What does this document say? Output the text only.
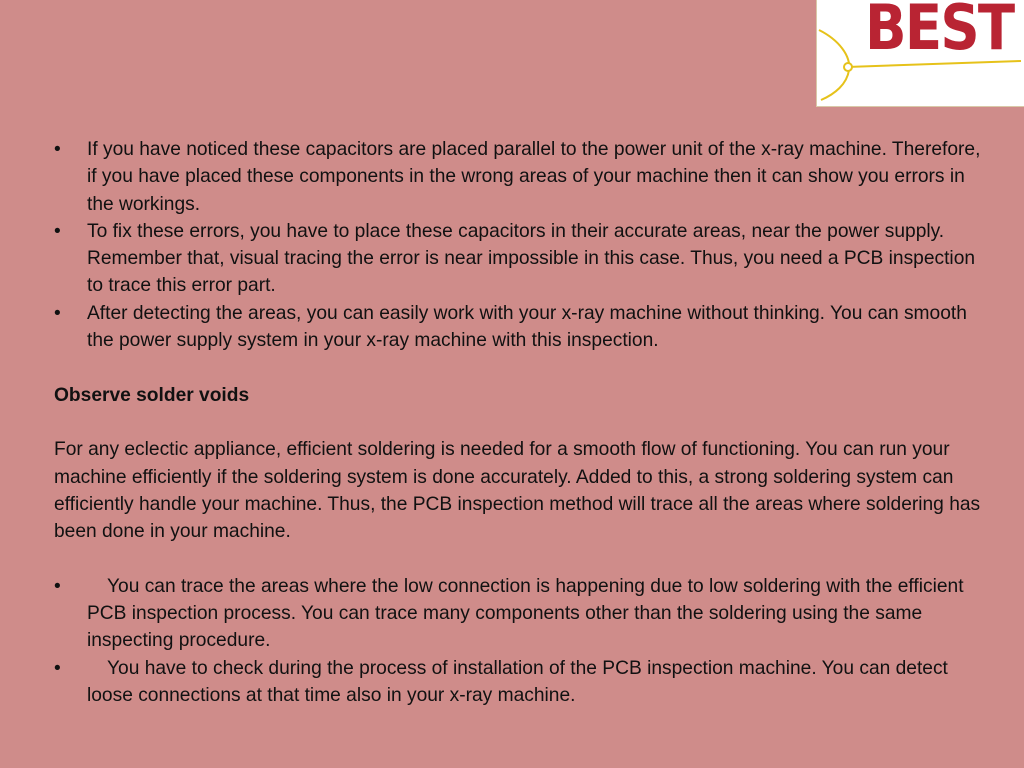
BEST
• If you have noticed these capacitors are placed parallel to the power unit of the x-ray machine. Therefore, if you have placed these components in the wrong areas of your machine then it can show you errors in the workings.
• To fix these errors, you have to place these capacitors in their accurate areas, near the power supply. Remember that, visual tracing the error is near impossible in this case. Thus, you need a PCB inspection to trace this error part.
• After detecting the areas, you can easily work with your x-ray machine without thinking. You can smooth the power supply system in your x-ray machine with this inspection.

Observe solder voids

For any eclectic appliance, efficient soldering is needed for a smooth flow of functioning. You can run your machine efficiently if the soldering system is done accurately. Added to this, a strong soldering system can efficiently handle your machine. Thus, the PCB inspection method will trace all the areas where soldering has been done in your machine.

•	You can trace the areas where the low connection is happening due to low soldering with the efficient PCB inspection process. You can trace many components other than the soldering using the same inspecting procedure.
•	You have to check during the process of installation of the PCB inspection machine. You can detect loose connections at that time also in your x-ray machine.
